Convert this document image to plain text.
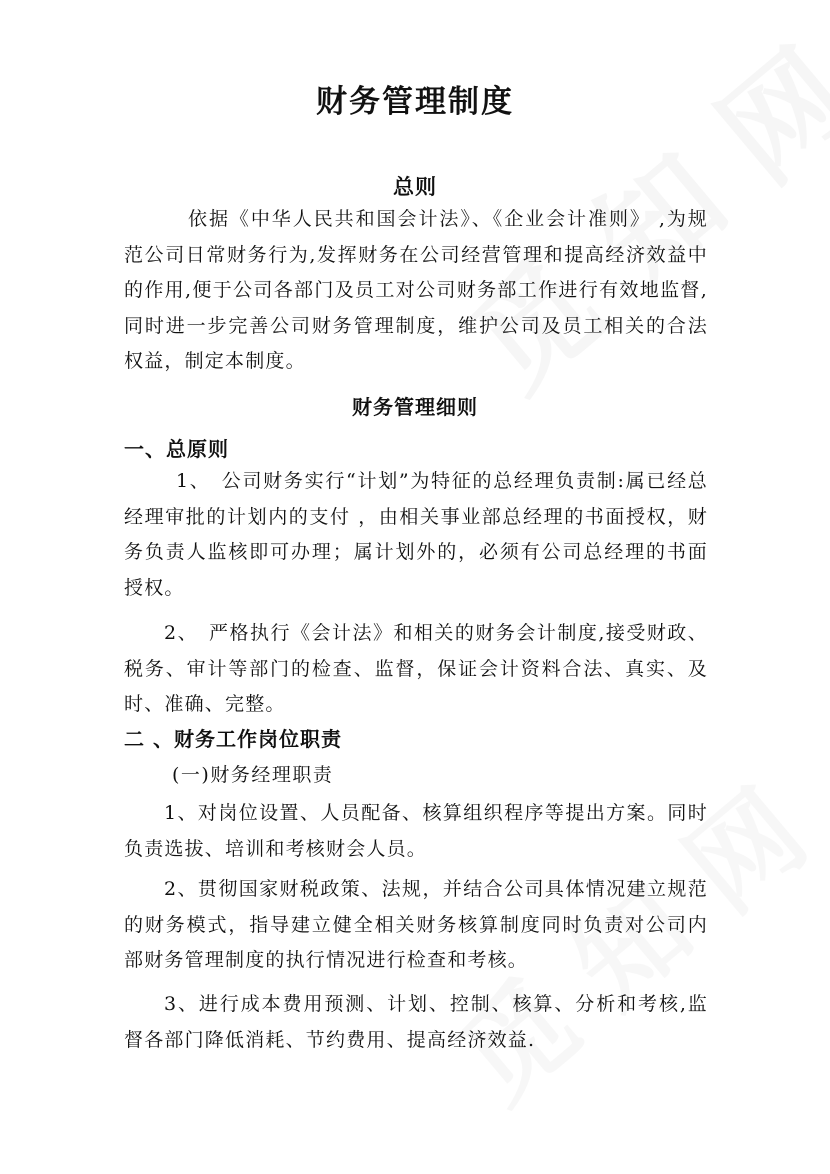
财务管理制度
总则

依据《中华人民共和国会计法》、《企业会计准则》 ,为规范公司日常财务行为,发挥财务在公司经营管理和提高经济效益中的作用,便于公司各部门及员工对公司财务部工作进行有效地监督,同时进一步完善公司财务管理制度，维护公司及员工相关的合法权益，制定本制度。

财务管理细则
一、总原则

1、　公司财务实行“计划”为特征的总经理负责制:属已经总经理审批的计划内的支付 ，由相关事业部总经理的书面授权，财务负责人监核即可办理；属计划外的，必须有公司总经理的书面授权。

2、　严格执行《会计法》和相关的财务会计制度,接受财政、税务、审计等部门的检查、监督，保证会计资料合法、真实、及时、准确、完整。

二 、财务工作岗位职责

(一)财务经理职责

1、对岗位设置、人员配备、核算组织程序等提出方案。同时负责选拔、培训和考核财会人员。

2、贯彻国家财税政策、法规，并结合公司具体情况建立规范的财务模式，指导建立健全相关财务核算制度同时负责对公司内部财务管理制度的执行情况进行检查和考核。

3、进行成本费用预测、计划、控制、核算、分析和考核,监督各部门降低消耗、节约费用、提高经济效益.
